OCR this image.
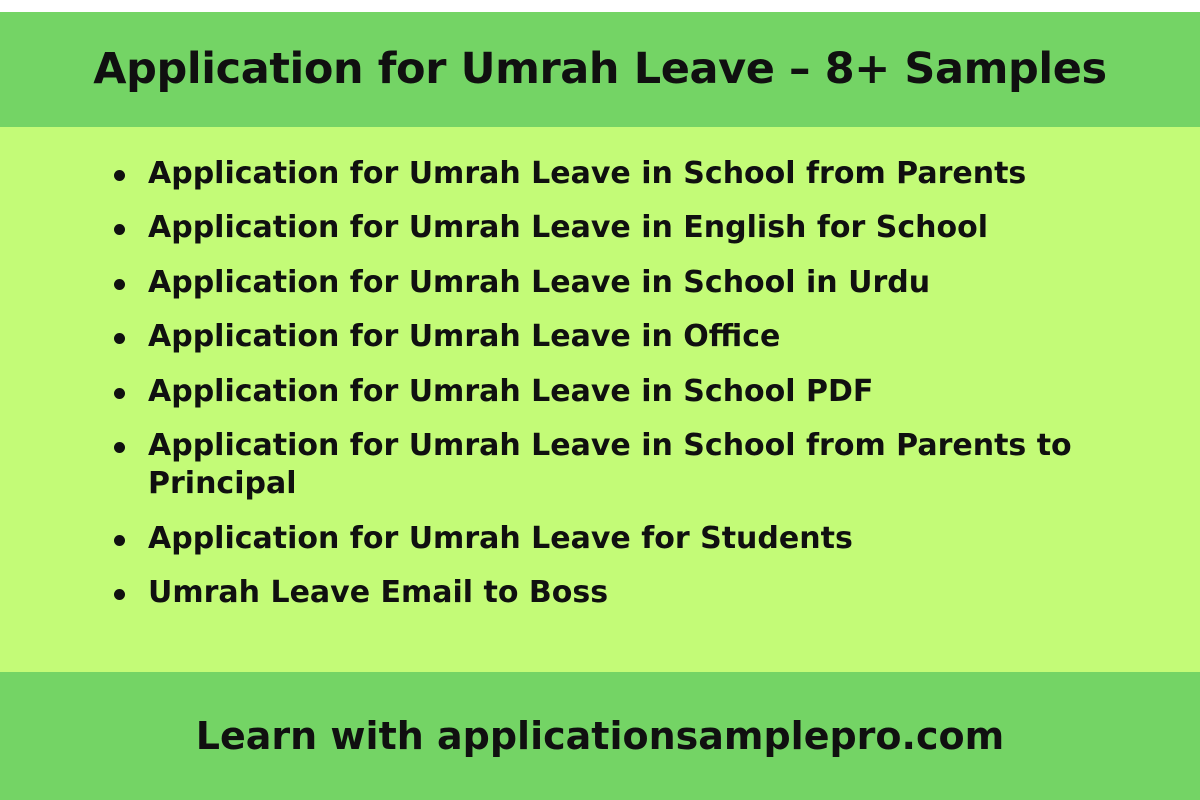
Application for Umrah Leave – 8+ Samples
Application for Umrah Leave in School from Parents
Application for Umrah Leave in English for School
Application for Umrah Leave in School in Urdu
Application for Umrah Leave in Office
Application for Umrah Leave in School PDF
Application for Umrah Leave in School from Parents to Principal
Application for Umrah Leave for Students
Umrah Leave Email to Boss
Learn with applicationsamplepro.com
